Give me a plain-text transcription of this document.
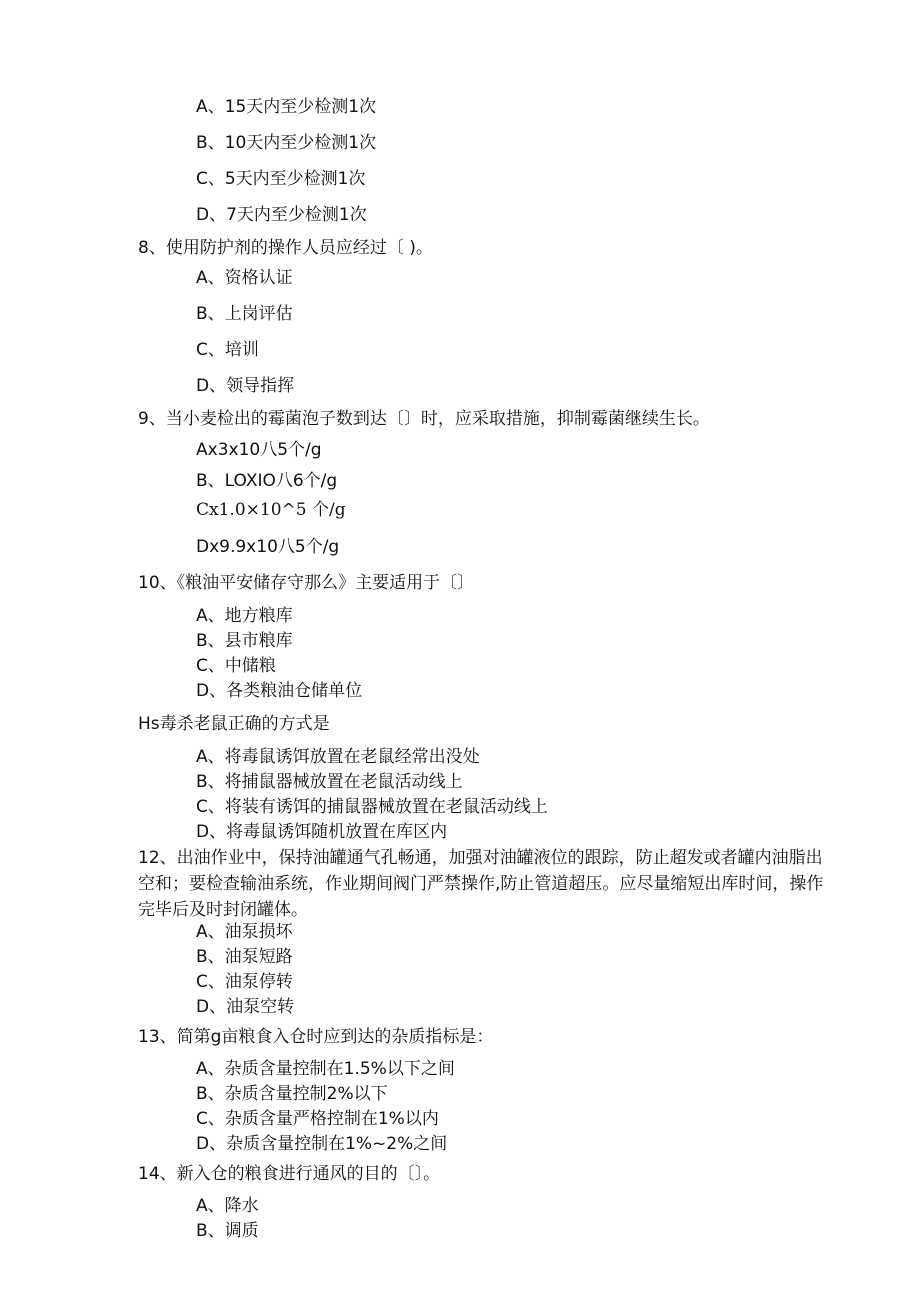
A、15天内至少检测1次
B、10天内至少检测1次
C、5天内至少检测1次
D、7天内至少检测1次
8、使用防护剂的操作人员应经过〔 )。
A、资格认证
B、上岗评估
C、培训
D、领导指挥
9、当小麦检出的霉菌泡子数到达〔〕时，应采取措施，抑制霉菌继续生长。
Ax3x10八5个/g
B、LOXIO八6个/g
Cx1.0×10^5 个/g
Dx9.9x10八5个/g
10、《粮油平安储存守那么》主要适用于〔〕
A、地方粮库
B、县市粮库
C、中储粮
D、各类粮油仓储单位
Hs毒杀老鼠正确的方式是
A、将毒鼠诱饵放置在老鼠经常出没处
B、将捕鼠器械放置在老鼠活动线上
C、将装有诱饵的捕鼠器械放置在老鼠活动线上
D、将毒鼠诱饵随机放置在库区内
12、出油作业中，保持油罐通气孔畅通，加强对油罐液位的跟踪，防止超发或者罐内油脂出空和；要检查输油系统，作业期间阀门严禁操作,防止管道超压。应尽量缩短出库时间，操作完毕后及时封闭罐体。
A、油泵损坏
B、油泵短路
C、油泵停转
D、油泵空转
13、简第g亩粮食入仓时应到达的杂质指标是：
A、杂质含量控制在1.5%以下之间
B、杂质含量控制2%以下
C、杂质含量严格控制在1%以内
D、杂质含量控制在1%~2%之间
14、新入仓的粮食进行通风的目的〔〕。
A、降水
B、调质
